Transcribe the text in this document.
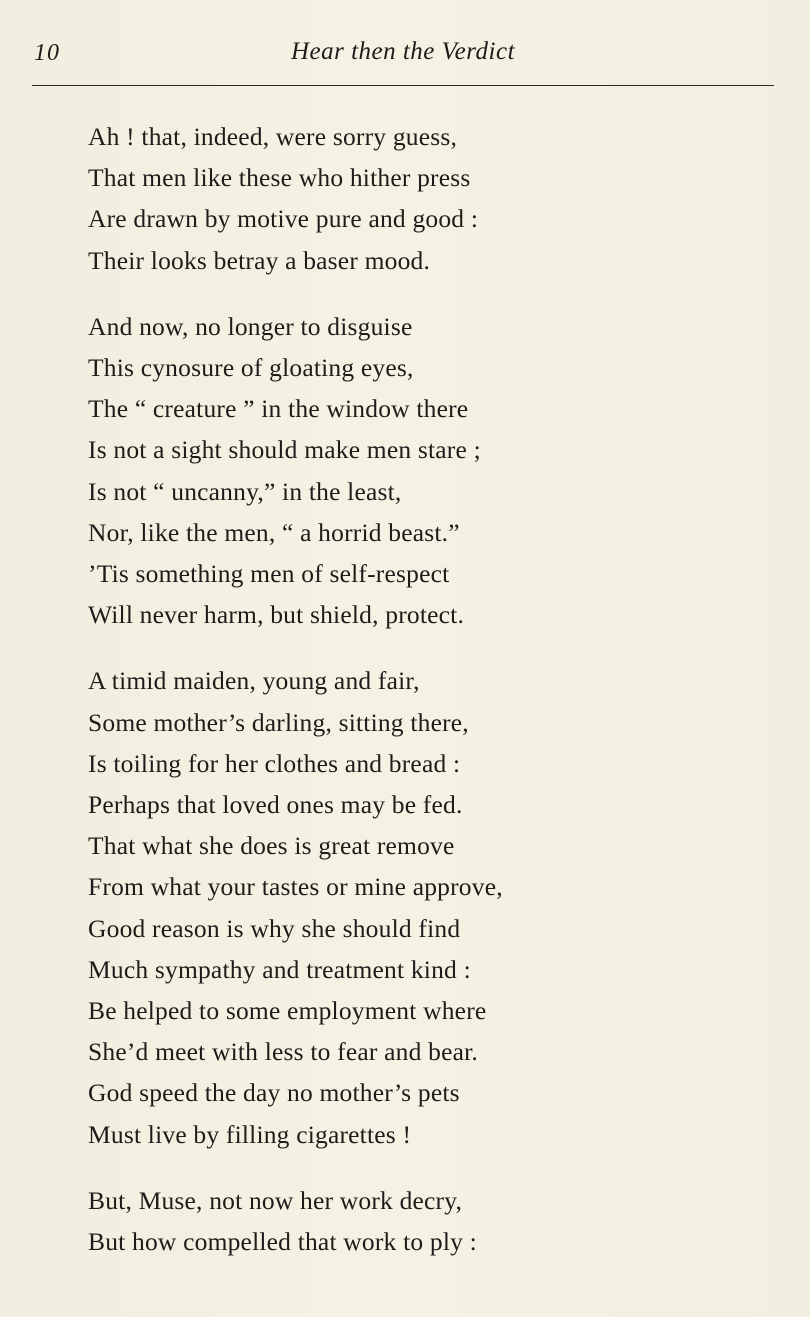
10	Hear then the Verdict
Ah ! that, indeed, were sorry guess,
That men like these who hither press
Are drawn by motive pure and good :
Their looks betray a baser mood.
And now, no longer to disguise
This cynosure of gloating eyes,
The “ creature ” in the window there
Is not a sight should make men stare ;
Is not “ uncanny,” in the least,
Nor, like the men, “ a horrid beast.”
’Tis something men of self-respect
Will never harm, but shield, protect.
A timid maiden, young and fair,
Some mother’s darling, sitting there,
Is toiling for her clothes and bread :
Perhaps that loved ones may be fed.
That what she does is great remove
From what your tastes or mine approve,
Good reason is why she should find
Much sympathy and treatment kind :
Be helped to some employment where
She’d meet with less to fear and bear.
God speed the day no mother’s pets
Must live by filling cigarettes !
But, Muse, not now her work decry,
But how compelled that work to ply :
